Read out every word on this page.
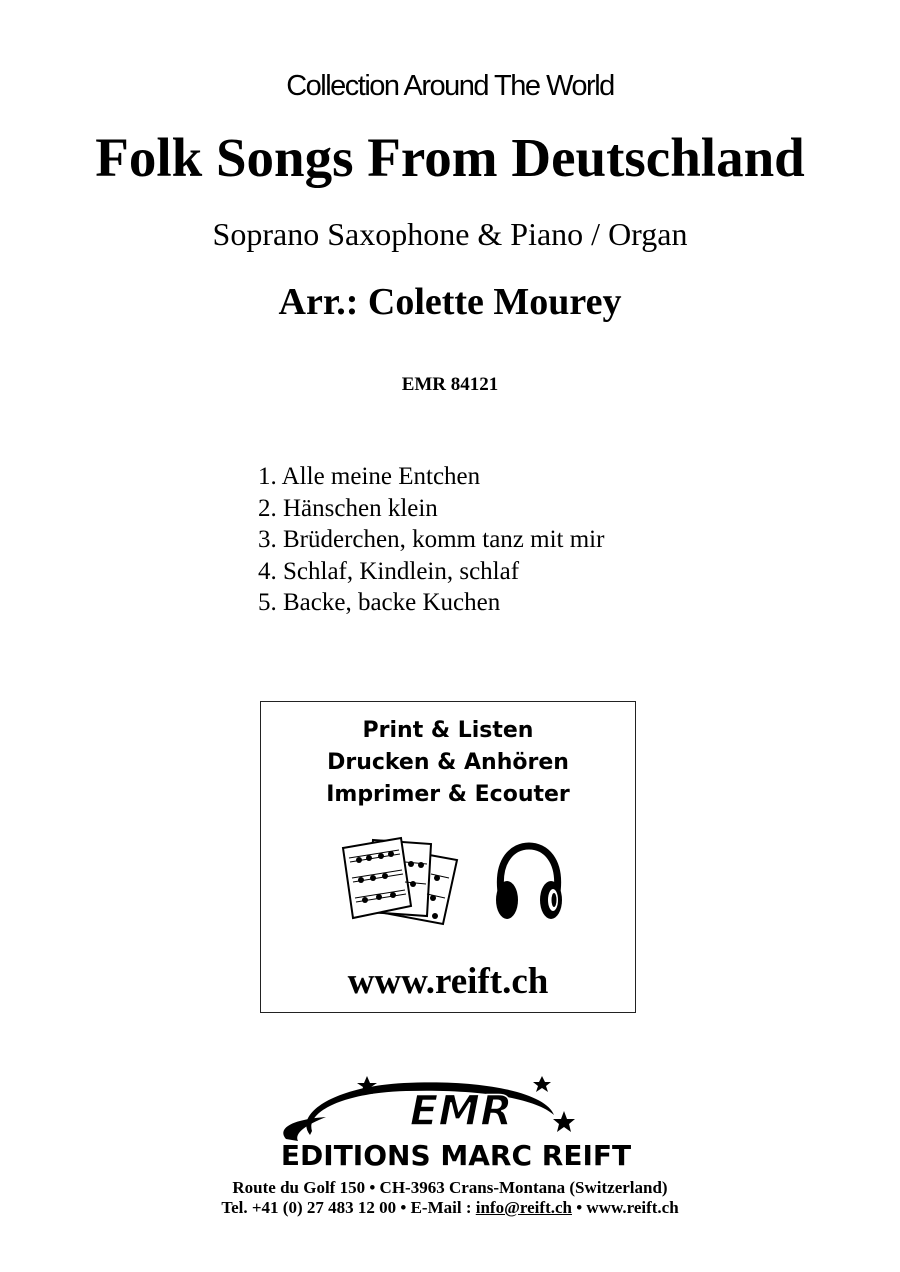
Collection Around The World
Folk Songs From Deutschland
Soprano Saxophone & Piano / Organ
Arr.: Colette Mourey
EMR 84121
1. Alle meine Entchen
2. Hänschen klein
3. Brüderchen, komm tanz mit mir
4. Schlaf, Kindlein, schlaf
5. Backe, backe Kuchen
Print & Listen
Drucken & Anhören
Imprimer & Ecouter
www.reift.ch
EMR
EDITIONS MARC REIFT
Route du Golf 150 • CH-3963 Crans-Montana (Switzerland)
Tel. +41 (0) 27 483 12 00 • E-Mail : info@reift.ch • www.reift.ch
